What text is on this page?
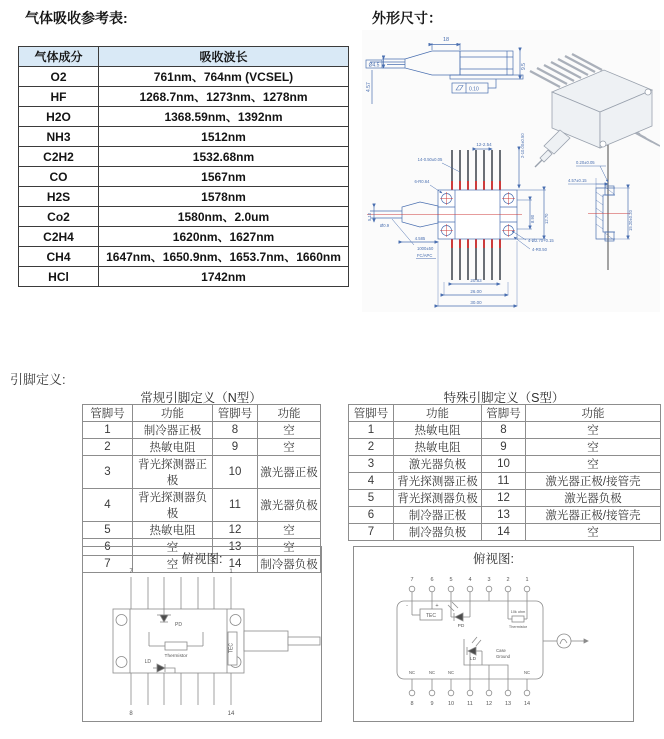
气体吸收参考表:
气体成分	吸收波长
O2	761nm、764nm (VCSEL)
HF	1268.7nm、1273nm、1278nm
H2O	1368.59nm、1392nm
NH3	1512nm
C2H2	1532.68nm
CO	1567nm
H2S	1578nm
Co2	1580nm、2.0um
C2H4	1620nm、1627nm
CH4	1647nm、1650.9nm、1653.7nm、1660nm
HCl	1742nm
外形尺寸：
18
Ø4.5
4.57
9.5
0.10
12-2.54
14-0.50±0.05
6-R0.64
2-10.00±0.50
5.10
Ø0.9
4.585
1000±50
FC/APC
8.90 12.70
4-Ø2.70+0.15
4-R0.50
20.83
26.00
30.00
0.20±0.05
4.57±0.15
15.20±0.20
引脚定义:
常规引脚定义（N型）
管脚号	功能	管脚号	功能
1	制冷器正极	8	空
2	热敏电阻	9	空
3	背光探测器正极	10	激光器正极
4	背光探测器负极	11	激光器负极
5	热敏电阻	12	空
6	空	13	空
7	空	14	制冷器负极
特殊引脚定义（S型）
管脚号	功能	管脚号	功能
1	热敏电阻	8	空
2	热敏电阻	9	空
3	激光器负极	10	空
4	背光探测器正极	11	激光器正极/接管壳
5	背光探测器负极	12	激光器负极
6	制冷器正极	13	激光器正极/接管壳
7	制冷器负极	14	空
俯视图:
7	1
8	14
PD
Thermistor
TEC
LD
俯视图:
7	6	5	4	3	2	1
8	9	10 11 12 13 14
TEC
-	+
PD
10k ohm
Thermistor
LD
Case
Ground
NC	NC	NC	NC
